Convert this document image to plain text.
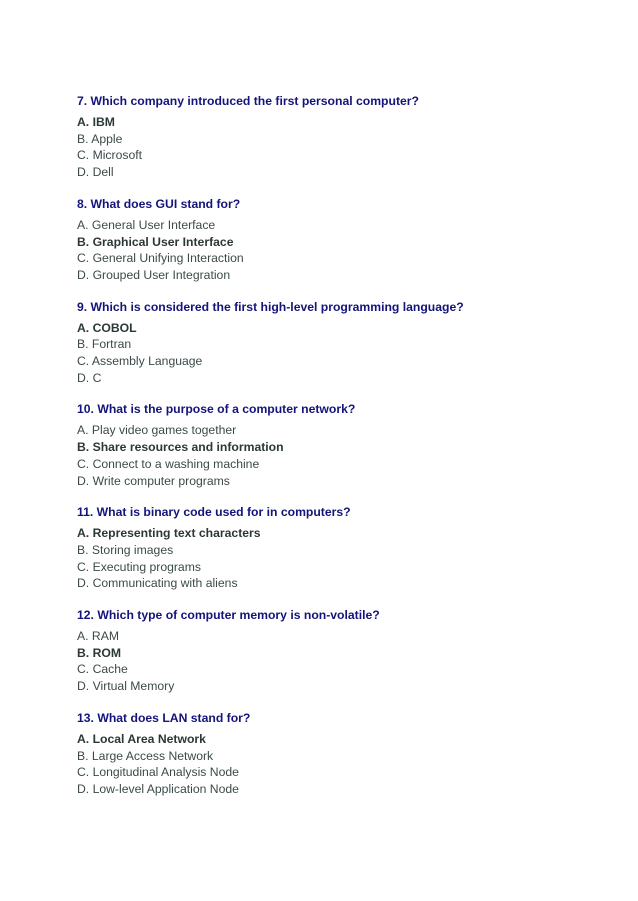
7. Which company introduced the first personal computer?
A. IBM
B. Apple
C. Microsoft
D. Dell
8. What does GUI stand for?
A. General User Interface
B. Graphical User Interface
C. General Unifying Interaction
D. Grouped User Integration
9. Which is considered the first high-level programming language?
A. COBOL
B. Fortran
C. Assembly Language
D. C
10. What is the purpose of a computer network?
A. Play video games together
B. Share resources and information
C. Connect to a washing machine
D. Write computer programs
11. What is binary code used for in computers?
A. Representing text characters
B. Storing images
C. Executing programs
D. Communicating with aliens
12. Which type of computer memory is non-volatile?
A. RAM
B. ROM
C. Cache
D. Virtual Memory
13. What does LAN stand for?
A. Local Area Network
B. Large Access Network
C. Longitudinal Analysis Node
D. Low-level Application Node
